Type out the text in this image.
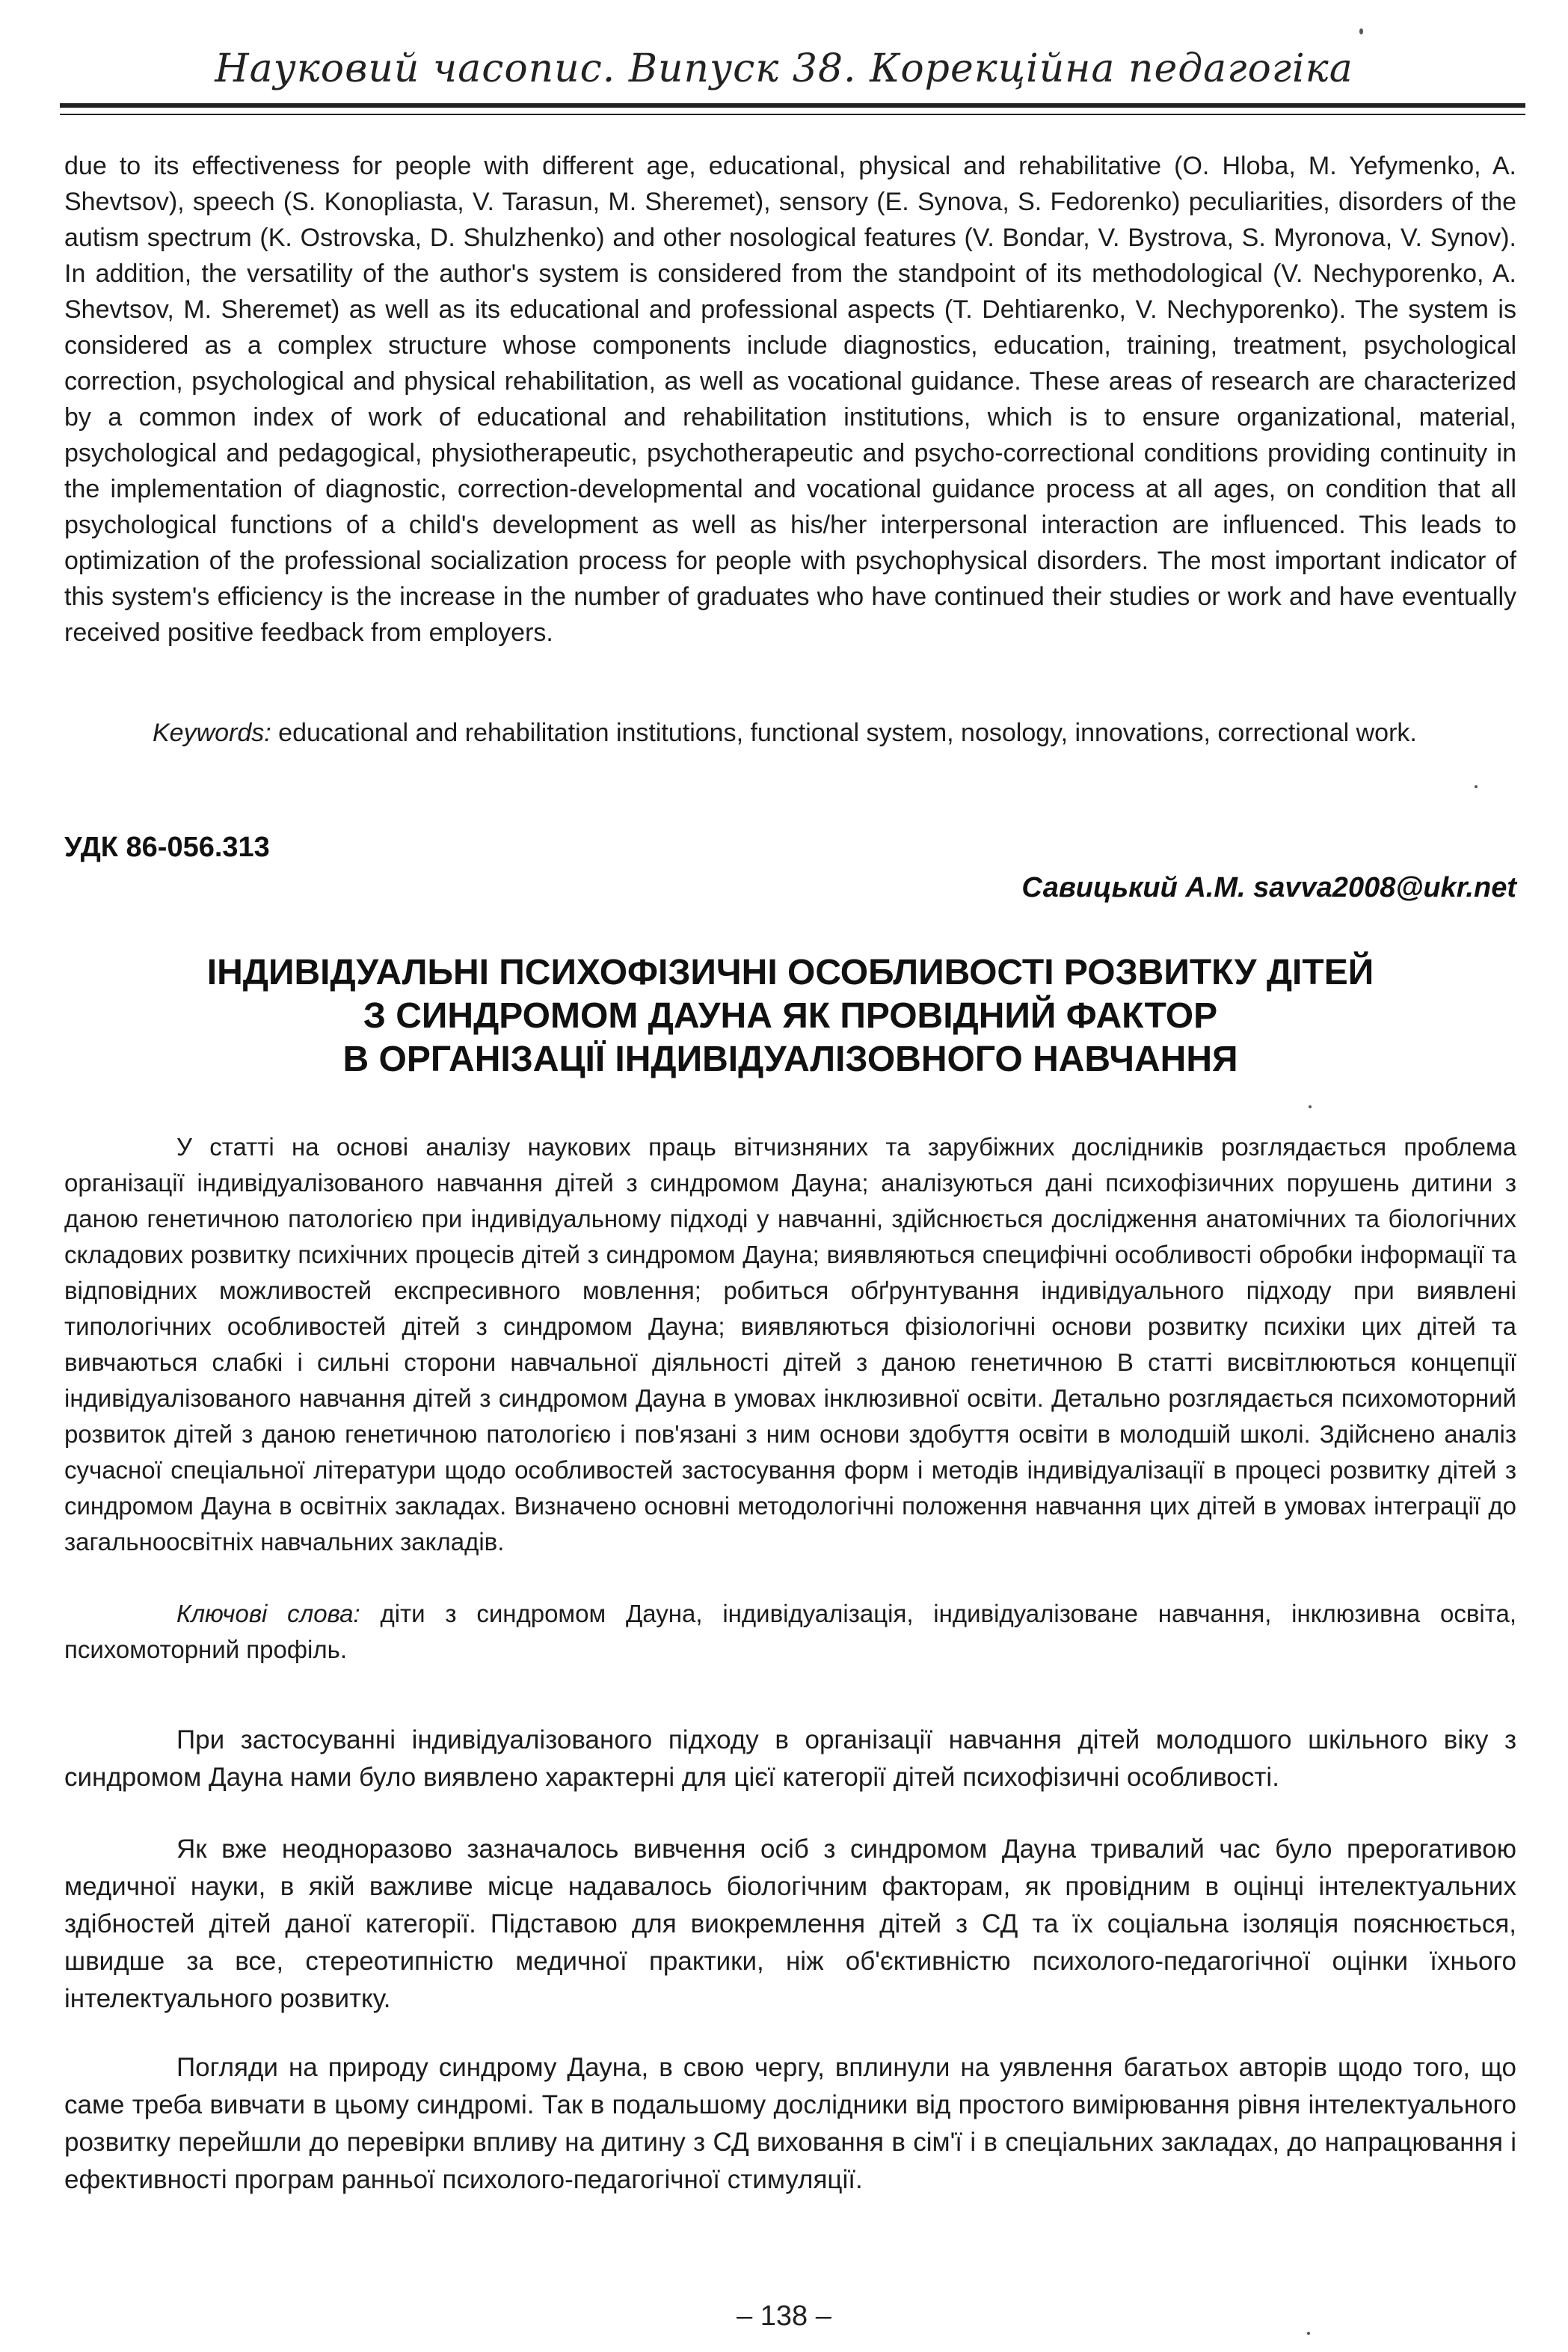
Науковий часопис. Випуск 38. Корекційна педагогіка
due to its effectiveness for people with different age, educational, physical and rehabilitative (O. Hloba, M. Yefymenko, A. Shevtsov), speech (S. Konopliasta, V. Tarasun, M. Sheremet), sensory (E. Synova, S. Fedorenko) peculiarities, disorders of the autism spectrum (K. Ostrovska, D. Shulzhenko) and other nosological features (V. Bondar, V. Bystrova, S. Myronova, V. Synov). In addition, the versatility of the author's system is considered from the standpoint of its methodological (V. Nechyporenko, A. Shevtsov, M. Sheremet) as well as its educational and professional aspects (T. Dehtiarenko, V. Nechyporenko). The system is considered as a complex structure whose components include diagnostics, education, training, treatment, psychological correction, psychological and physical rehabilitation, as well as vocational guidance. These areas of research are characterized by a common index of work of educational and rehabilitation institutions, which is to ensure organizational, material, psychological and pedagogical, physiotherapeutic, psychotherapeutic and psycho-correctional conditions providing continuity in the implementation of diagnostic, correction-developmental and vocational guidance process at all ages, on condition that all psychological functions of a child's development as well as his/her interpersonal interaction are influenced. This leads to optimization of the professional socialization process for people with psychophysical disorders. The most important indicator of this system's efficiency is the increase in the number of graduates who have continued their studies or work and have eventually received positive feedback from employers.
Keywords: educational and rehabilitation institutions, functional system, nosology, innovations, correctional work.
УДК 86-056.313
Савицький А.М. savva2008@ukr.net
ІНДИВІДУАЛЬНІ ПСИХОФІЗИЧНІ ОСОБЛИВОСТІ РОЗВИТКУ ДІТЕЙ
З СИНДРОМОМ ДАУНА ЯК ПРОВІДНИЙ ФАКТОР
В ОРГАНІЗАЦІЇ ІНДИВІДУАЛІЗОВНОГО НАВЧАННЯ
У статті на основі аналізу наукових праць вітчизняних та зарубіжних дослідників розглядається проблема організації індивідуалізованого навчання дітей з синдромом Дауна; аналізуються дані психофізичних порушень дитини з даною генетичною патологією при індивідуальному підході у навчанні, здійснюється дослідження анатомічних та біологічних складових розвитку психічних процесів дітей з синдромом Дауна; виявляються специфічні особливості обробки інформації та відповідних можливостей експресивного мовлення; робиться обґрунтування індивідуального підходу при виявлені типологічних особливостей дітей з синдромом Дауна; виявляються фізіологічні основи розвитку психіки цих дітей та вивчаються слабкі і сильні сторони навчальної діяльності дітей з даною генетичною В статті висвітлюються концепції індивідуалізованого навчання дітей з синдромом Дауна в умовах інклюзивної освіти. Детально розглядається психомоторний розвиток дітей з даною генетичною патологією і пов'язані з ним основи здобуття освіти в молодшій школі. Здійснено аналіз сучасної спеціальної літератури щодо особливостей застосування форм і методів індивідуалізації в процесі розвитку дітей з синдромом Дауна в освітніх закладах. Визначено основні методологічні положення навчання цих дітей в умовах інтеграції до загальноосвітніх навчальних закладів.
Ключові слова: діти з синдромом Дауна, індивідуалізація, індивідуалізоване навчання, інклюзивна освіта, психомоторний профіль.
При застосуванні індивідуалізованого підходу в організації навчання дітей молодшого шкільного віку з синдромом Дауна нами було виявлено характерні для цієї категорії дітей психофізичні особливості.
Як вже неодноразово зазначалось вивчення осіб з синдромом Дауна тривалий час було прерогативою медичної науки, в якій важливе місце надавалось біологічним факторам, як провідним в оцінці інтелектуальних здібностей дітей даної категорії. Підставою для виокремлення дітей з СД та їх соціальна ізоляція пояснюється, швидше за все, стереотипністю медичної практики, ніж об'єктивністю психолого-педагогічної оцінки їхнього інтелектуального розвитку.
Погляди на природу синдрому Дауна, в свою чергу, вплинули на уявлення багатьох авторів щодо того, що саме треба вивчати в цьому синдромі. Так в подальшому дослідники від простого вимірювання рівня інтелектуального розвитку перейшли до перевірки впливу на дитину з СД виховання в сім'ї і в спеціальних закладах, до напрацювання і ефективності програм ранньої психолого-педагогічної стимуляції.
– 138 –
